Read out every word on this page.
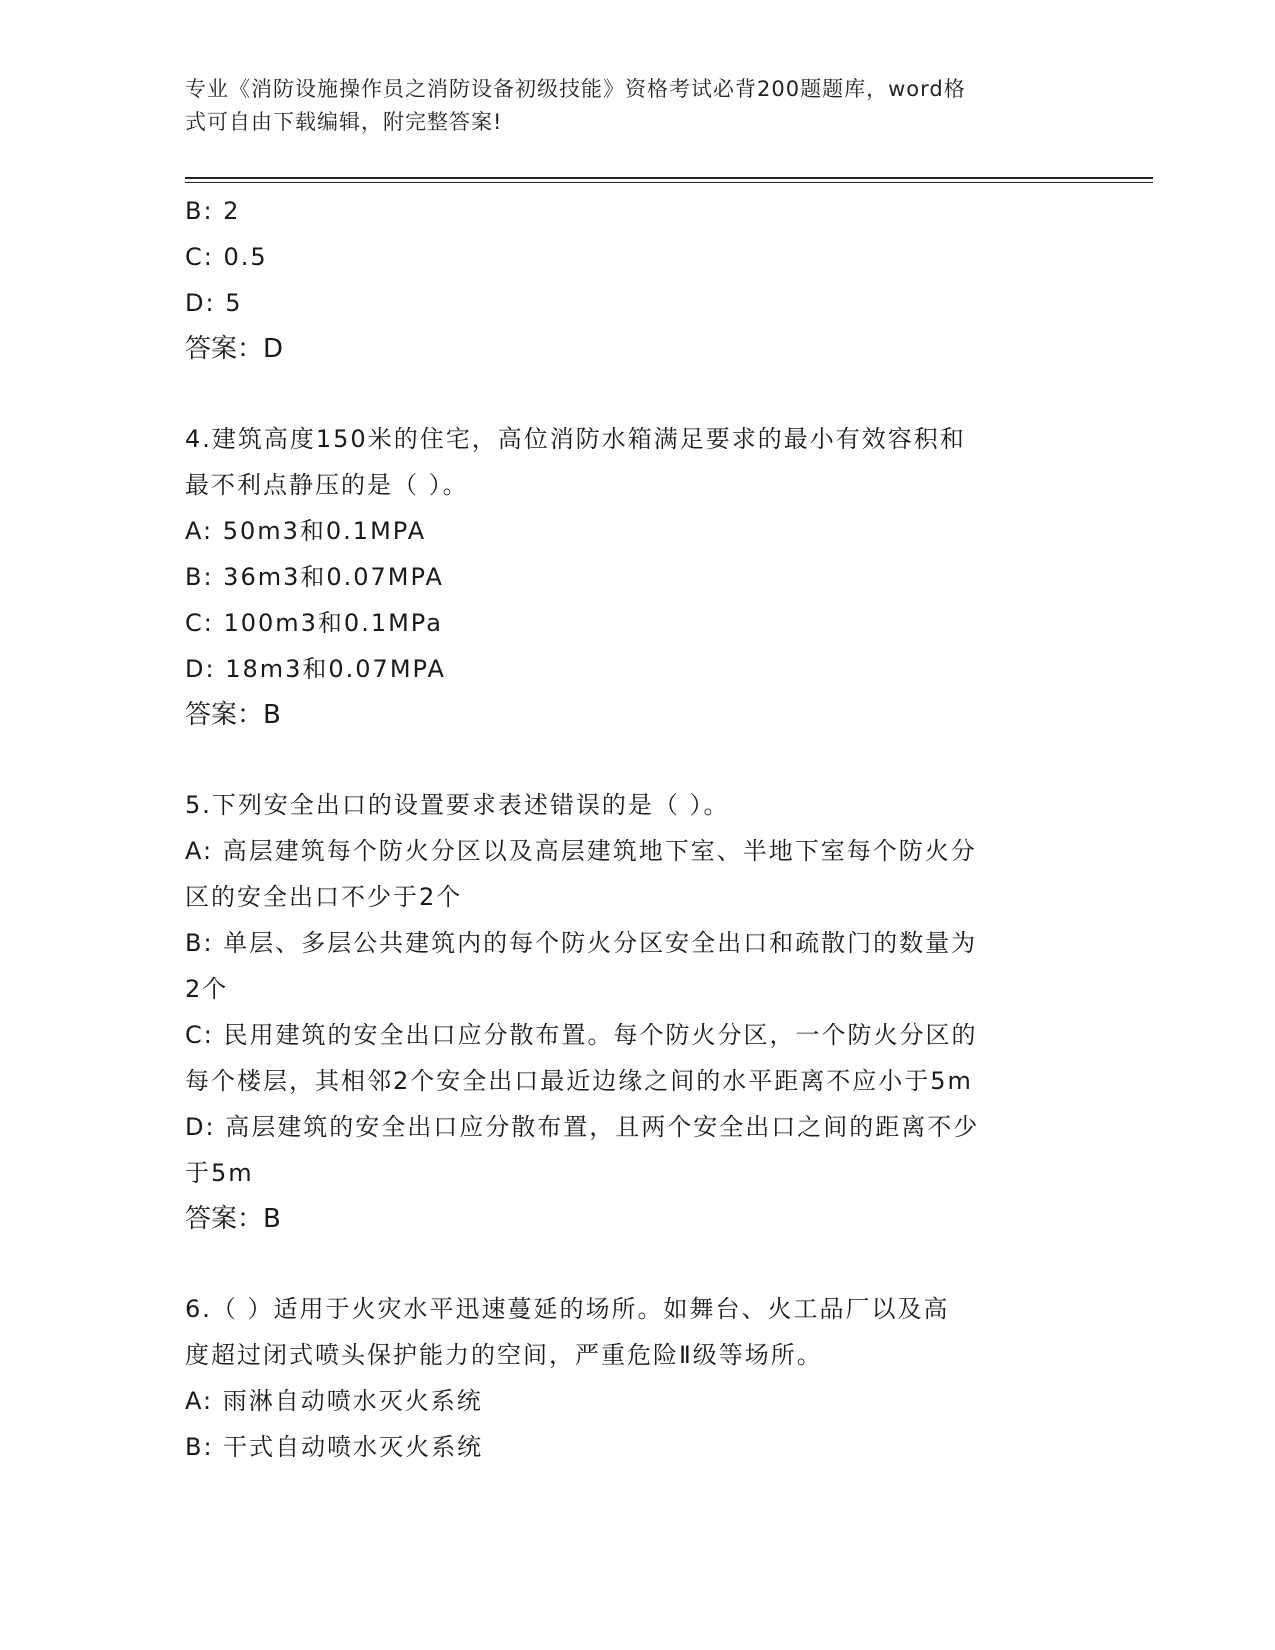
专业《消防设施操作员之消防设备初级技能》资格考试必背200题题库，word格
式可自由下载编辑，附完整答案!
B: 2
C: 0.5
D: 5
答案：D
4.建筑高度150米的住宅，高位消防水箱满足要求的最小有效容积和
最不利点静压的是（ ）。
A: 50m3和0.1MPA
B: 36m3和0.07MPA
C: 100m3和0.1MPa
D: 18m3和0.07MPA
答案：B
5.下列安全出口的设置要求表述错误的是（ ）。
A: 高层建筑每个防火分区以及高层建筑地下室、半地下室每个防火分
区的安全出口不少于2个
B: 单层、多层公共建筑内的每个防火分区安全出口和疏散门的数量为
2个
C: 民用建筑的安全出口应分散布置。每个防火分区，一个防火分区的
每个楼层，其相邻2个安全出口最近边缘之间的水平距离不应小于5m
D: 高层建筑的安全出口应分散布置，且两个安全出口之间的距离不少
于5m
答案：B
6.（ ）适用于火灾水平迅速蔓延的场所。如舞台、火工品厂以及高
度超过闭式喷头保护能力的空间，严重危险Ⅱ级等场所。
A: 雨淋自动喷水灭火系统
B: 干式自动喷水灭火系统
